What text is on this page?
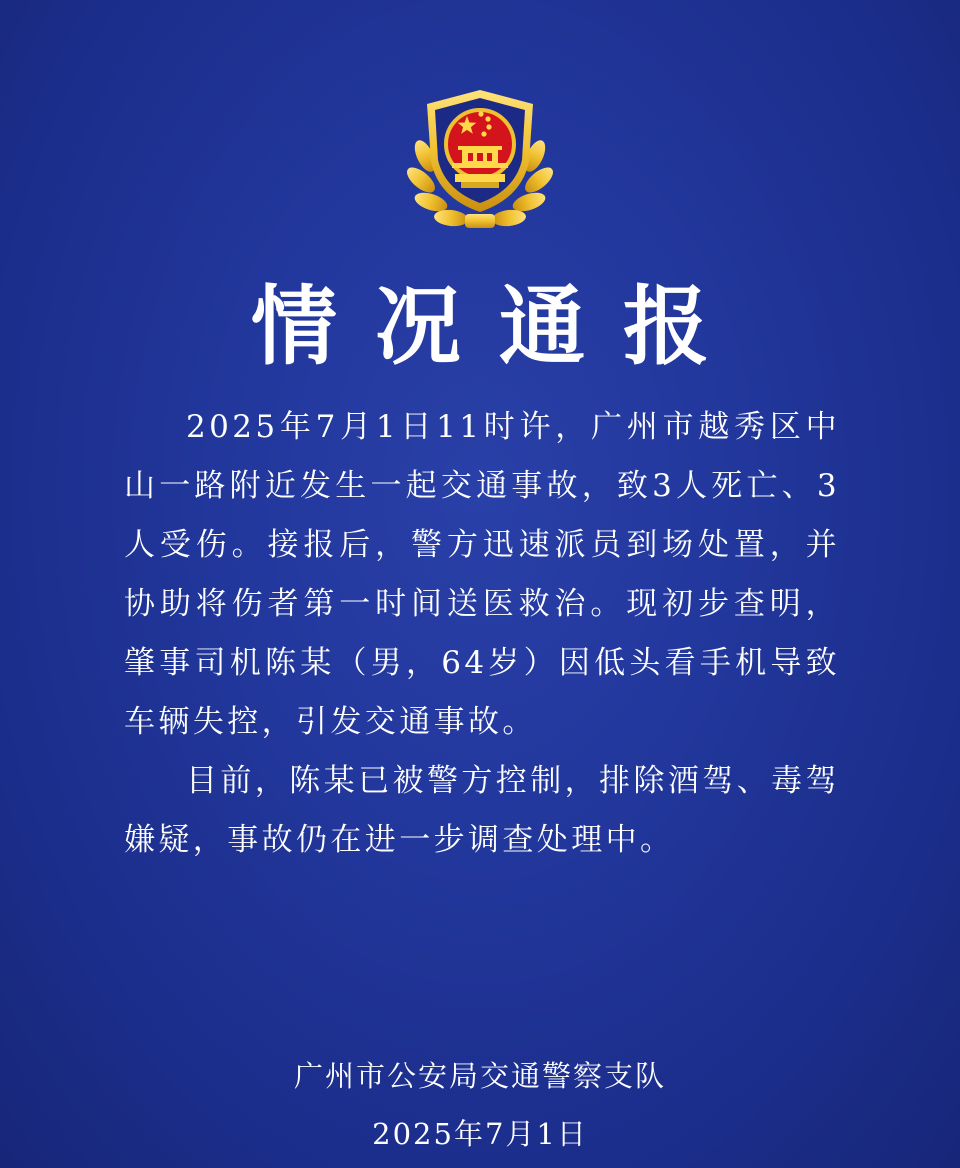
情况通报

2025年7月1日11时许，广州市越秀区中山一路附近发生一起交通事故，致3人死亡、3人受伤。接报后，警方迅速派员到场处置，并协助将伤者第一时间送医救治。现初步查明，肇事司机陈某（男，64岁）因低头看手机导致车辆失控，引发交通事故。

目前，陈某已被警方控制，排除酒驾、毒驾嫌疑，事故仍在进一步调查处理中。

广州市公安局交通警察支队
2025年7月1日
